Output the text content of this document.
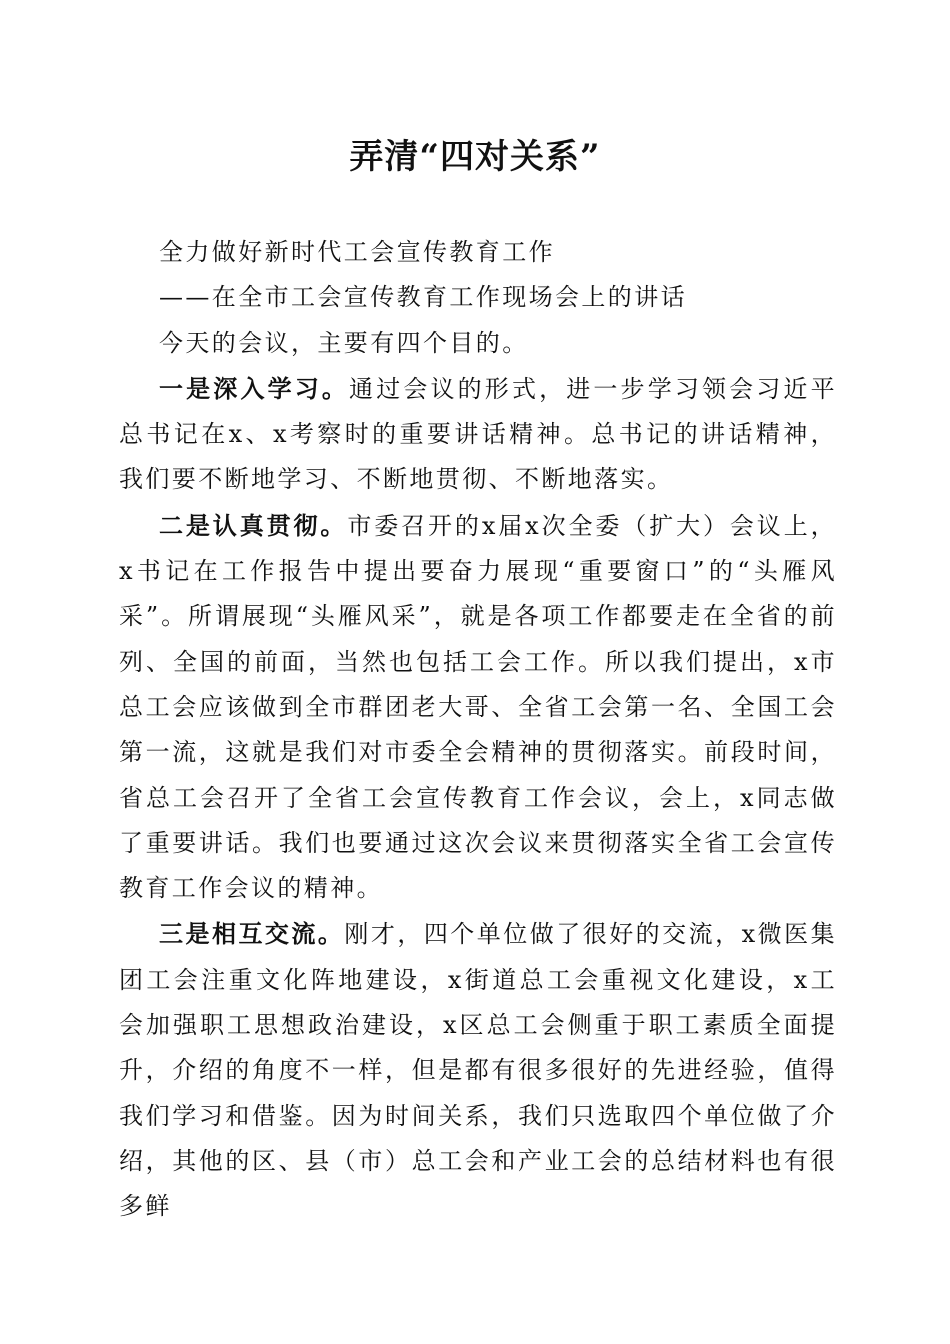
弄清“四对关系”

全力做好新时代工会宣传教育工作

——在全市工会宣传教育工作现场会上的讲话

今天的会议，主要有四个目的。

一是深入学习。通过会议的形式，进一步学习领会习近平总书记在x、x考察时的重要讲话精神。总书记的讲话精神，我们要不断地学习、不断地贯彻、不断地落实。

二是认真贯彻。市委召开的x届x次全委（扩大）会议上，x书记在工作报告中提出要奋力展现“重要窗口”的“头雁风采”。所谓展现“头雁风采”，就是各项工作都要走在全省的前列、全国的前面，当然也包括工会工作。所以我们提出，x市总工会应该做到全市群团老大哥、全省工会第一名、全国工会第一流，这就是我们对市委全会精神的贯彻落实。前段时间，省总工会召开了全省工会宣传教育工作会议，会上，x同志做了重要讲话。我们也要通过这次会议来贯彻落实全省工会宣传教育工作会议的精神。

三是相互交流。刚才，四个单位做了很好的交流，x微医集团工会注重文化阵地建设，x街道总工会重视文化建设，x工会加强职工思想政治建设，x区总工会侧重于职工素质全面提升，介绍的角度不一样，但是都有很多很好的先进经验，值得我们学习和借鉴。因为时间关系，我们只选取四个单位做了介绍，其他的区、县（市）总工会和产业工会的总结材料也有很多鲜
